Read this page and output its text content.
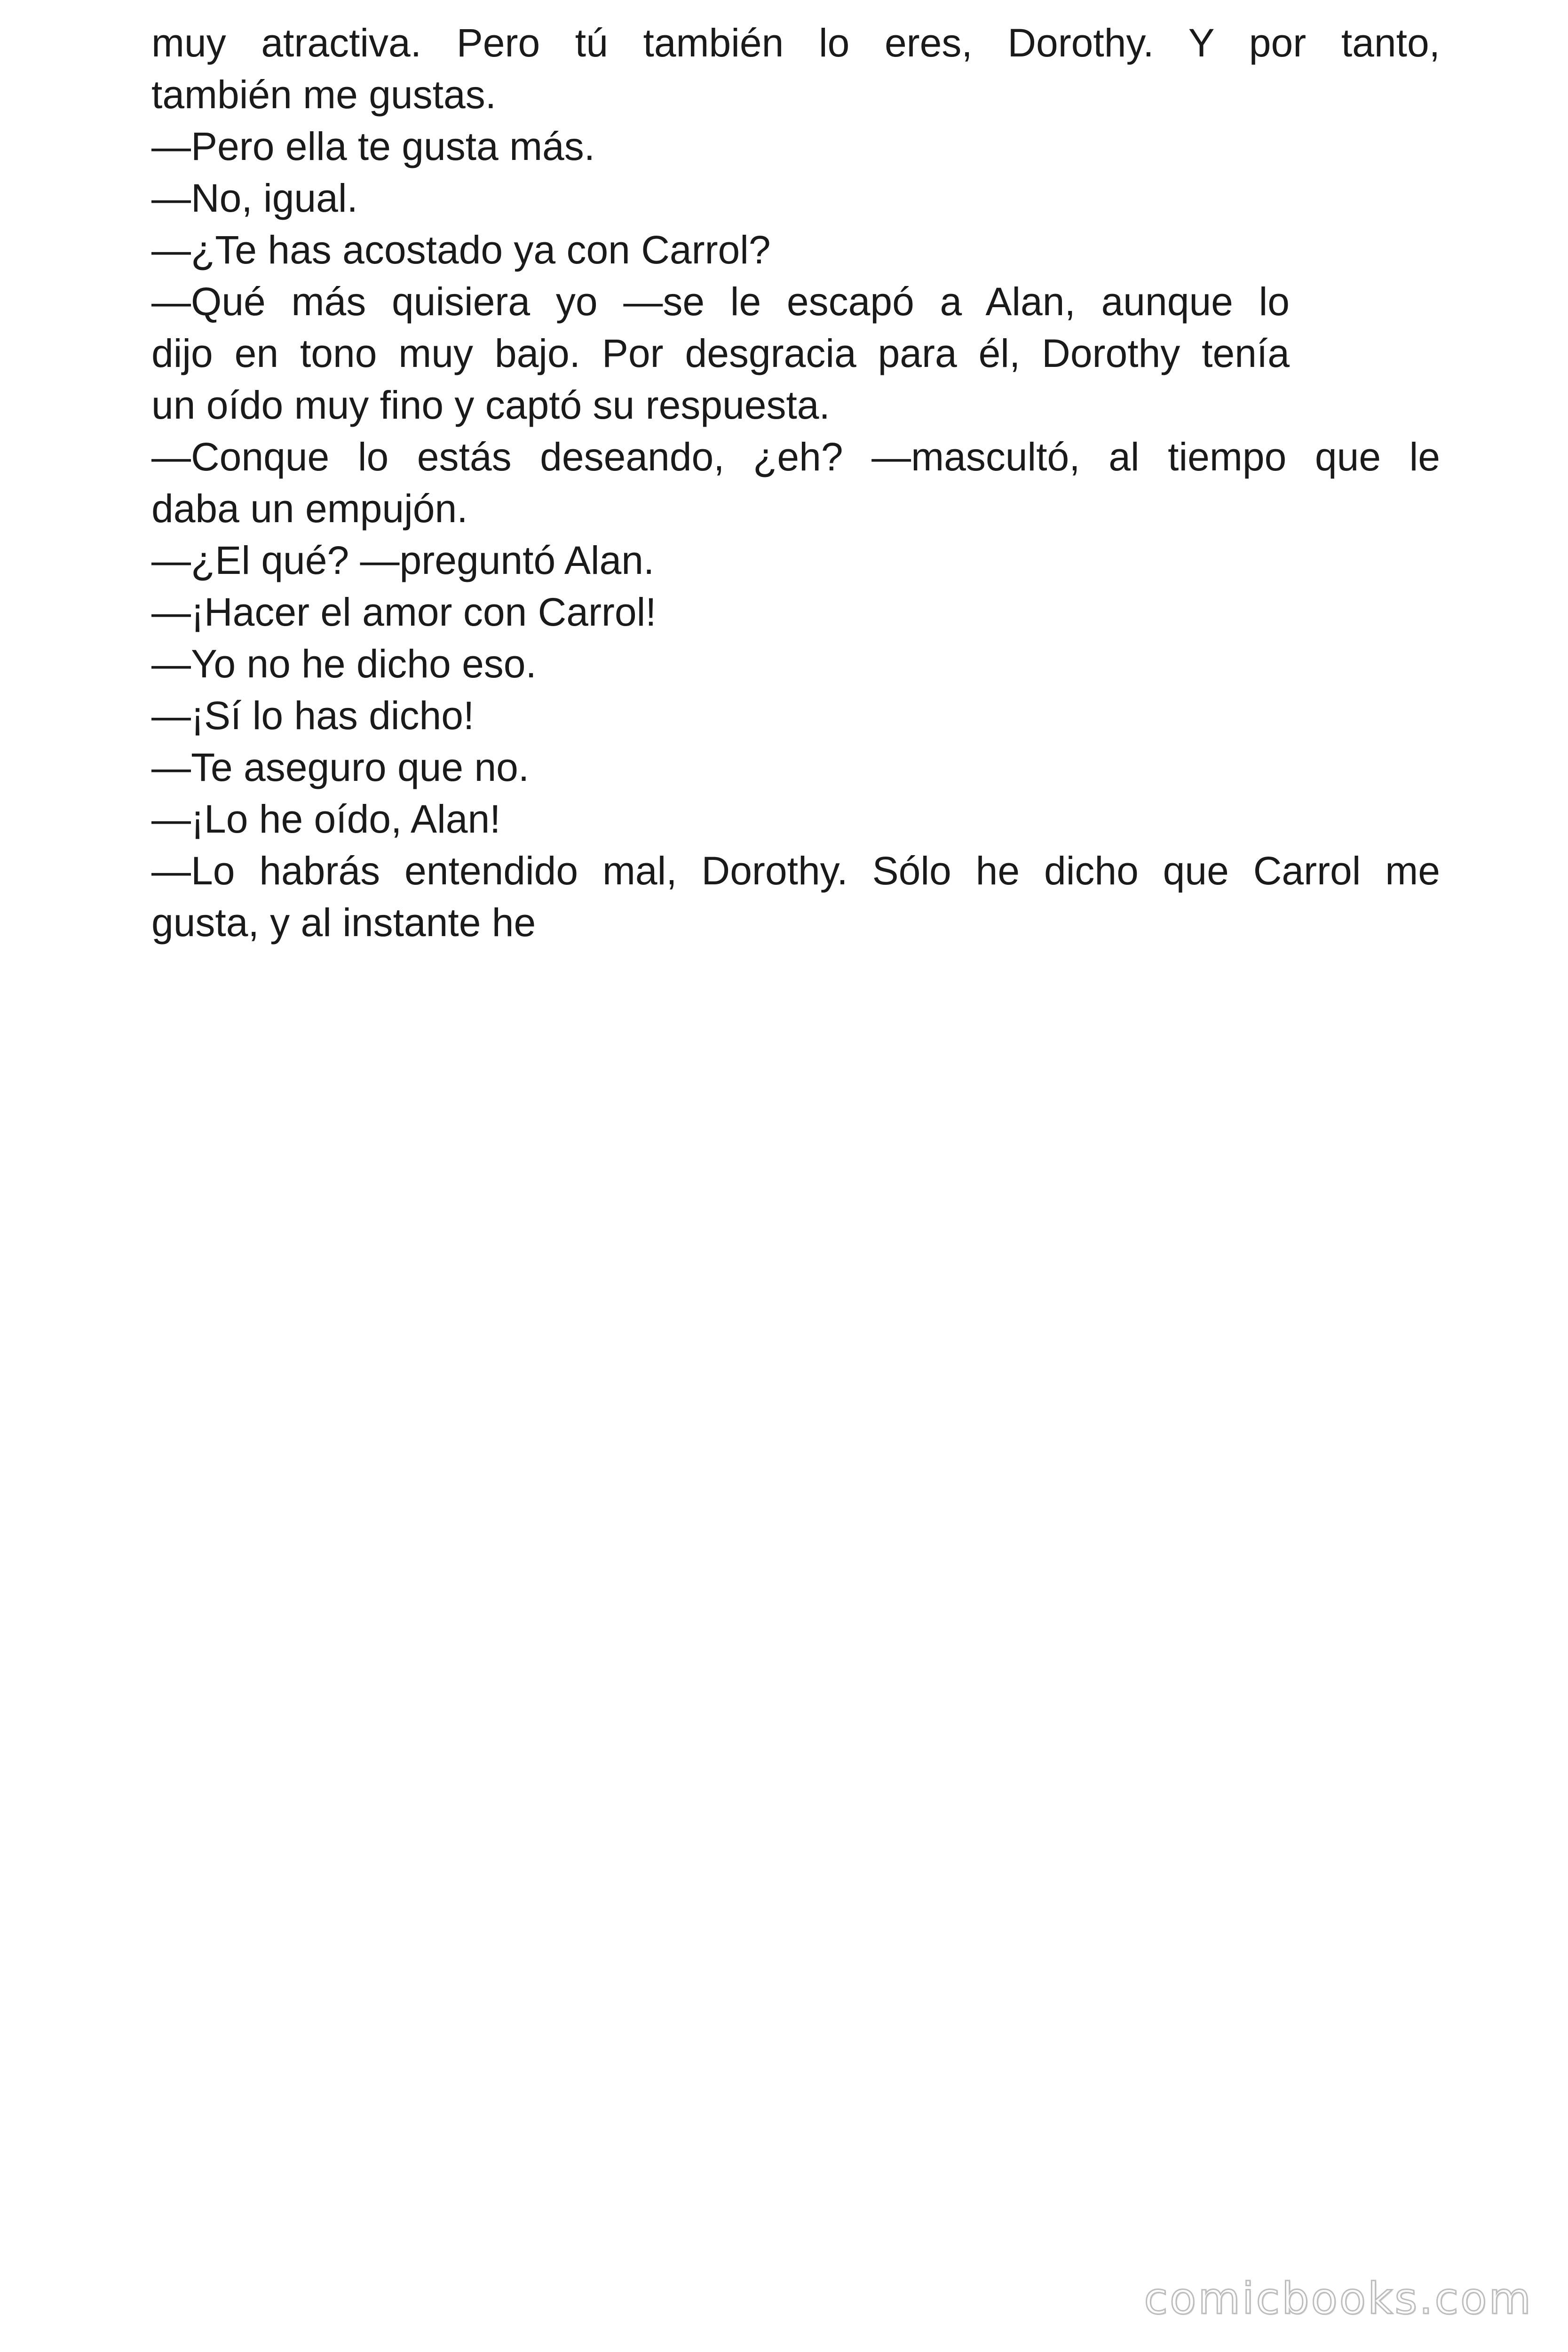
muy atractiva. Pero tú también lo eres, Dorothy. Y por tanto,

también me gustas.

—Pero ella te gusta más.

—No, igual.

—¿Te has acostado ya con Carrol?

—Qué más quisiera yo —se le escapó a Alan, aunque lo

dijo en tono muy bajo. Por desgracia para él, Dorothy tenía

un oído muy fino y captó su respuesta.

—Conque lo estás deseando, ¿eh? —mascultó, al tiempo que le

daba un empujón.

—¿El qué? —preguntó Alan.

—¡Hacer el amor con Carrol!

—Yo no he dicho eso.

—¡Sí lo has dicho!

—Te aseguro que no.

—¡Lo he oído, Alan!

—Lo habrás entendido mal, Dorothy. Sólo he dicho que Carrol me

gusta, y al instante he

comicbooks.com
